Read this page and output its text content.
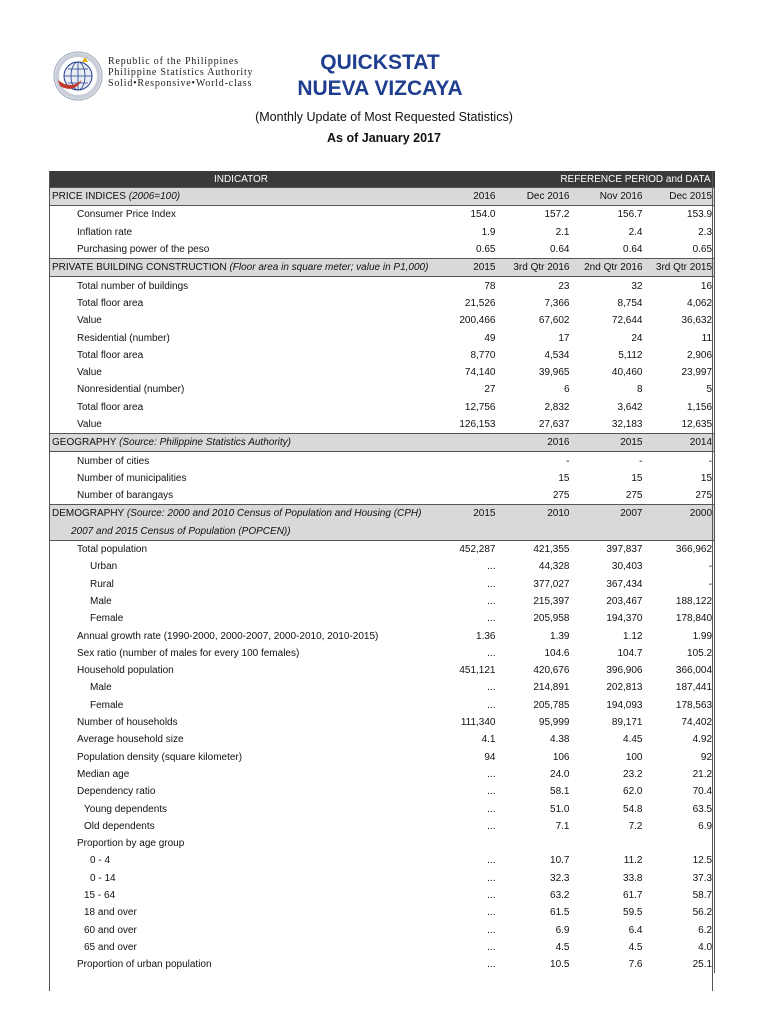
Republic of the Philippines
Philippine Statistics Authority
Solid•Responsive•World-class
QUICKSTAT
NUEVA VIZCAYA
(Monthly Update of Most Requested Statistics)
As of January 2017
INDICATOR	REFERENCE PERIOD and DATA			
PRICE INDICES (2006=100)	2016	Dec 2016	Nov 2016	Dec 2015
Consumer Price Index	154.0	157.2	156.7	153.9
Inflation rate	1.9	2.1	2.4	2.3
Purchasing power of the peso	0.65	0.64	0.64	0.65
PRIVATE BUILDING CONSTRUCTION (Floor area in square meter; value in P1,000)	2015	3rd Qtr 2016	2nd Qtr 2016	3rd Qtr 2015
Total number of buildings	78	23	32	16
Total floor area	21,526	7,366	8,754	4,062
Value	200,466	67,602	72,644	36,632
Residential (number)	49	17	24	11
Total floor area	8,770	4,534	5,112	2,906
Value	74,140	39,965	40,460	23,997
Nonresidential (number)	27	6	8	5
Total floor area	12,756	2,832	3,642	1,156
Value	126,153	27,637	32,183	12,635
GEOGRAPHY (Source: Philippine Statistics Authority)		2016	2015	2014
Number of cities		-	-	-
Number of municipalities		15	15	15
Number of barangays		275	275	275
DEMOGRAPHY (Source: 2000 and 2010 Census of Population and Housing (CPH)	2015	2010	2007	2000
2007 and 2015 Census of Population (POPCEN))				
Total population	452,287	421,355	397,837	366,962
Urban	...	44,328	30,403	-
Rural	...	377,027	367,434	-
Male	...	215,397	203,467	188,122
Female	...	205,958	194,370	178,840
Annual growth rate (1990-2000, 2000-2007, 2000-2010, 2010-2015)	1.36	1.39	1.12	1.99
Sex ratio (number of males for every 100 females)	...	104.6	104.7	105.2
Household population	451,121	420,676	396,906	366,004
Male	...	214,891	202,813	187,441
Female	...	205,785	194,093	178,563
Number of households	111,340	95,999	89,171	74,402
Average household size	4.1	4.38	4.45	4.92
Population density (square kilometer)	94	106	100	92
Median age	...	24.0	23.2	21.2
Dependency ratio	...	58.1	62.0	70.4
Young dependents	...	51.0	54.8	63.5
Old dependents	...	7.1	7.2	6.9
Proportion by age group				
0 - 4	...	10.7	11.2	12.5
0 - 14	...	32.3	33.8	37.3
15 - 64	...	63.2	61.7	58.7
18 and over	...	61.5	59.5	56.2
60 and over	...	6.9	6.4	6.2
65 and over	...	4.5	4.5	4.0
Proportion of urban population	...	10.5	7.6	25.1
